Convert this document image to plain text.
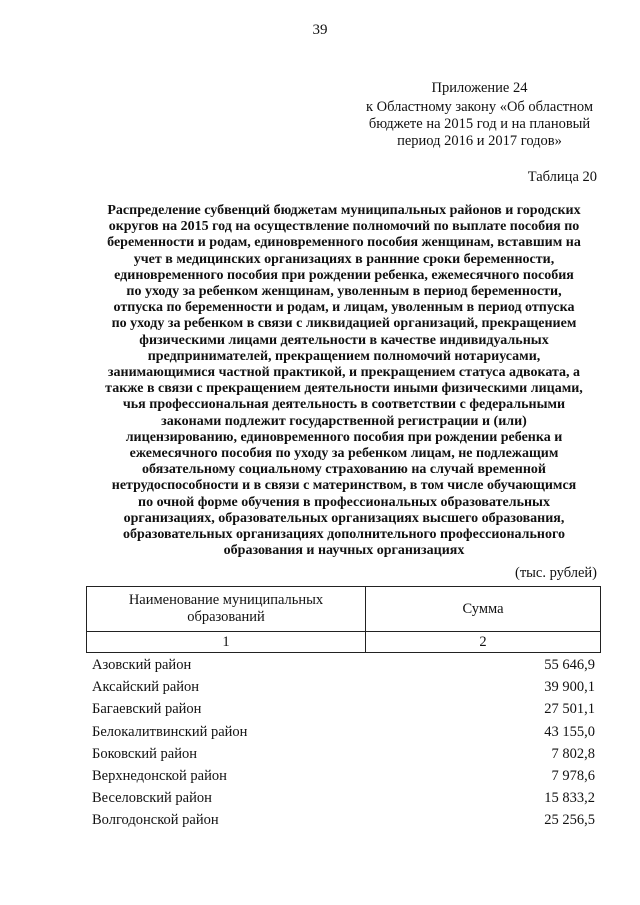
39
Приложение 24
к Областному закону «Об областном
бюджете на 2015 год и на плановый
период 2016 и 2017 годов»
Таблица 20
Распределение субвенций бюджетам муниципальных районов и городских
округов на 2015 год на осуществление полномочий по выплате пособия по
беременности и родам, единовременного пособия женщинам, вставшим на
учет в медицинских организациях в раннние сроки беременности,
единовременного пособия при рождении ребенка, ежемесячного пособия
по уходу за ребенком женщинам, уволенным в период беременности,
отпуска по беременности и родам, и лицам, уволенным в период отпуска
по уходу за ребенком в связи с ликвидацией организаций, прекращением
физическими лицами деятельности в качестве индивидуальных
предпринимателей, прекращением полномочий нотариусами,
занимающимися частной практикой, и прекращением статуса адвоката, а
также в связи с прекращением деятельности иными физическими лицами,
чья профессиональная деятельность в соответствии с федеральными
законами подлежит государственной регистрации и (или)
лицензированию, единовременного пособия при рождении ребенка и
ежемесячного пособия по уходу за ребенком лицам, не подлежащим
обязательному социальному страхованию на случай временной
нетрудоспособности и в связи с материнством, в том числе обучающимся
по очной форме обучения в профессиональных образовательных
организациях, образовательных организациях высшего образования,
образовательных организациях дополнительного профессионального
образования и научных организациях
(тыс. рублей)
Наименование муниципальных
образований	Сумма
1	2
Азовский район	55 646,9
Аксайский район	39 900,1
Багаевский район	27 501,1
Белокалитвинский район	43 155,0
Боковский район	7 802,8
Верхнедонской район	7 978,6
Веселовский район	15 833,2
Волгодонской район	25 256,5
